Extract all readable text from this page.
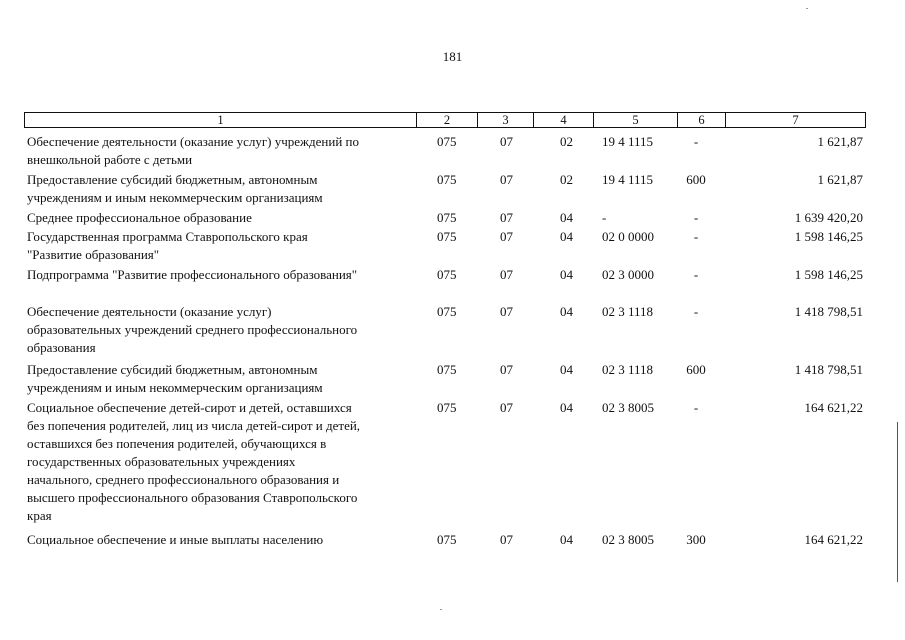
181
1	2	3	4	5	6	7
Обеспечение деятельности (оказание услуг) учреждений по
внешкольной работе с детьми
075	07	02	19 4 1115	-	1 621,87
Предоставление субсидий бюджетным, автономным
учреждениям и иным некоммерческим организациям
075	07	02	19 4 1115	600	1 621,87
Среднее профессиональное образование	075	07	04	-	-	1 639 420,20
Государственная программа Ставропольского края
"Развитие образования"
075	07	04	02 0 0000	-	1 598 146,25
Подпрограмма "Развитие профессионального образования"	075	07	04	02 3 0000	-	1 598 146,25
Обеспечение деятельности (оказание услуг)
образовательных учреждений среднего профессионального
образования
075	07	04	02 3 1118	-	1 418 798,51
Предоставление субсидий бюджетным, автономным
учреждениям и иным некоммерческим организациям
075	07	04	02 3 1118	600	1 418 798,51
Социальное обеспечение детей-сирот и детей, оставшихся
без попечения родителей, лиц из числа детей-сирот и детей,
оставшихся без попечения родителей, обучающихся в
государственных образовательных учреждениях
начального, среднего профессионального образования и
высшего профессионального образования Ставропольского
края
075	07	04	02 3 8005	-	164 621,22
Социальное обеспечение и иные выплаты населению	075	07	04	02 3 8005	300	164 621,22
